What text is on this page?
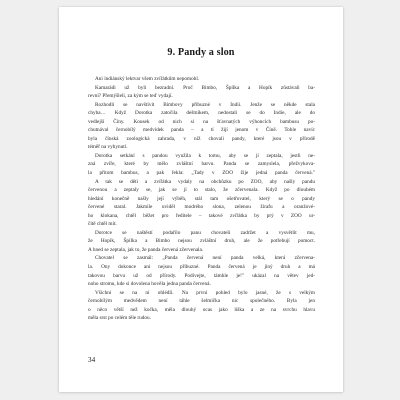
9. Pandy a slon
Ani indiánský lektvar všem zvířátkům nepomohl.
Kamarádi už byli bezradní. Proč Bimbo, Špílka a Hopík zůstávali ba-
revní? Přemýšleli, za kým se teď vydají.
Rozhodli se navštívit Bimbovy příbuzné v Indii. Jenže se někde stala
chyba… Když Dorotka zatočila deštníkem, nedostali se do Indie, ale do
vedlejší Číny. Kousek od nich si na šťavnatých výhoncích bambusu po-
chutnával černobílý medvídek panda – a tí žijí jenom v Číně. Tohle navíc
byla čínská zoologická zahrada, v níž chovali pandy, které jsou v přírodě
téměř na vyhynutí.
Dorotka setkání s pandou využila k tomu, aby se jí zeptala, jestli ne-
zná zvíře, které by mělo zvláštní barvu. Panda se zamyslela, přežvykova-
la přitom bambus, a pak řekla: „Tady v ZOO žije jedná panda červená."
A tak se děti a zvířátka vydaly na obchůzku po ZOO, aby našly pandu
červenou a zeptaly se, jak se jí to stalo, že zčervenala. Když po dlouhém
hledání konečně našly její výběh, stál tam ošetřovatel, který se o pandy
červené staral. Jakmile uviděl modrého slona, zelenou žirafu a oranžové-
ho klokana, chtěl běžet pro ředitele – takové zvířátka by prý v ZOO ur-
čitě chtěl mít.
Dorotce se naštěstí podařilo panu chovateli zadržet a vysvětlit mu,
že Hopík, Špílka a Bimbo nejsou zvláštní druh, ale že potřebují pomoct.
A hned se zeptala, jak to, že panda červená zčervenala.
Chovatel se zasmál: „Panda červená není panda velká, která zčervena-
la. Ony dokonce ani nejsou příbuzné. Panda červená je jiný druh a má
takovou barvu už od přírody. Podívejte, támhle je!" ukázal na větev jed-
noho stromu, kde si dovolena hověla jedna panda červená.
Všichni se na ni ohlédli. Na první pohled bylo jasné, že s velkým
černobílým medvědem není táhle šelmička nic společného. Byla jen
o něco větší než kočka, měla dlouhý ocas jako liška a ze na svrchu hlavu
měla srst po celém těle rudou.
34
